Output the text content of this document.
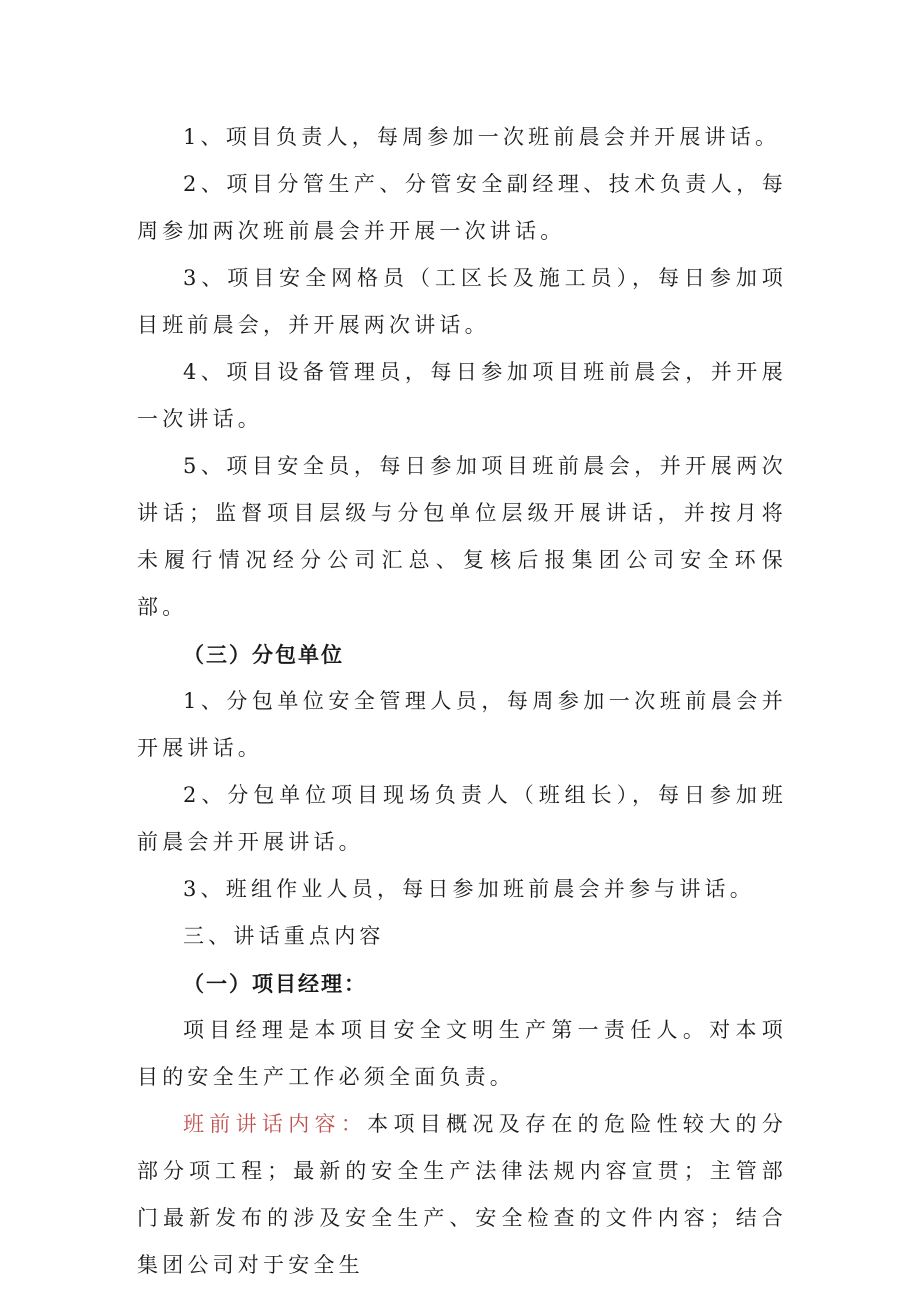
1、项目负责人，每周参加一次班前晨会并开展讲话。

2、项目分管生产、分管安全副经理、技术负责人，每周参加两次班前晨会并开展一次讲话。

3、项目安全网格员（工区长及施工员），每日参加项目班前晨会，并开展两次讲话。

4、项目设备管理员，每日参加项目班前晨会，并开展一次讲话。

5、项目安全员，每日参加项目班前晨会，并开展两次讲话；监督项目层级与分包单位层级开展讲话，并按月将未履行情况经分公司汇总、复核后报集团公司安全环保部。

（三）分包单位

1、分包单位安全管理人员，每周参加一次班前晨会并开展讲话。

2、分包单位项目现场负责人（班组长），每日参加班前晨会并开展讲话。

3、班组作业人员，每日参加班前晨会并参与讲话。

三、讲话重点内容

（一）项目经理：

项目经理是本项目安全文明生产第一责任人。对本项目的安全生产工作必须全面负责。

班前讲话内容：本项目概况及存在的危险性较大的分部分项工程；最新的安全生产法律法规内容宣贯；主管部门最新发布的涉及安全生产、安全检查的文件内容；结合集团公司对于安全生
